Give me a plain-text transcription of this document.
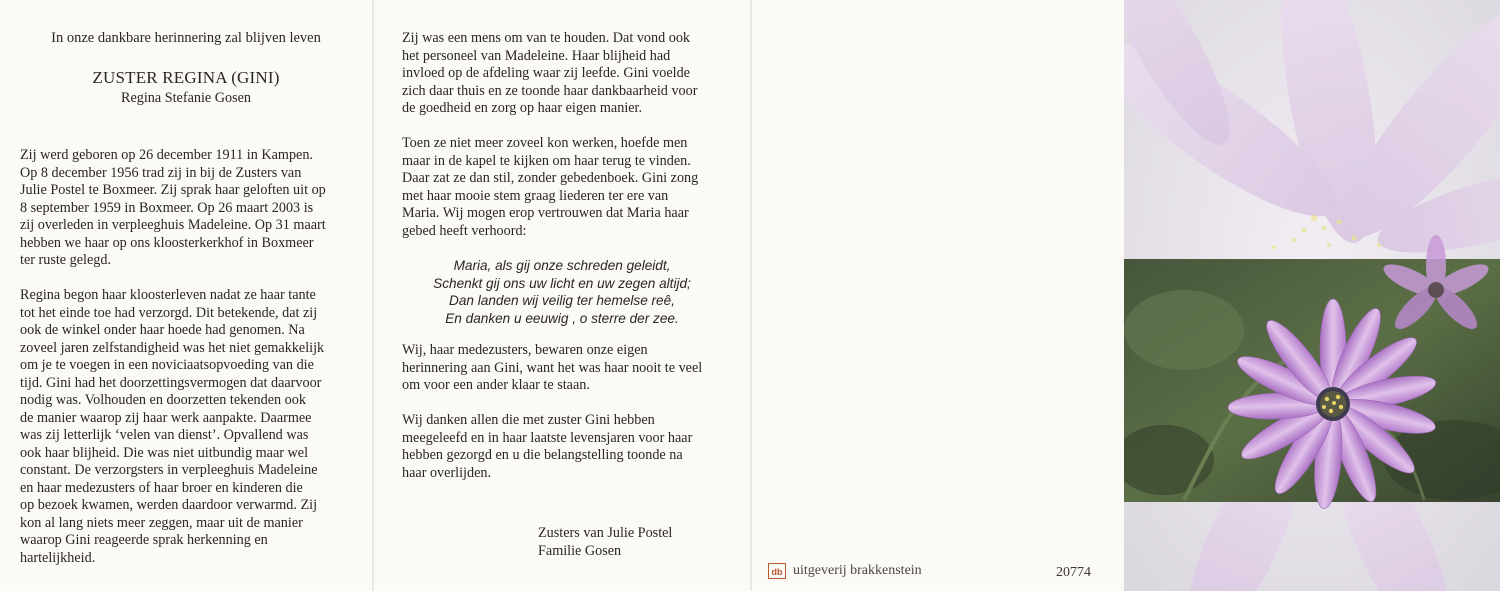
In onze dankbare herinnering zal blijven leven
ZUSTER REGINA (GINI)
Regina Stefanie Gosen
Zij werd geboren op 26 december 1911 in Kampen.
Op 8 december 1956 trad zij in bij de Zusters van
Julie Postel te Boxmeer. Zij sprak haar geloften uit op
8 september 1959 in Boxmeer. Op 26 maart 2003 is
zij overleden in verpleeghuis Madeleine. Op 31 maart
hebben we haar op ons kloosterkerkhof in Boxmeer
ter ruste gelegd.
Regina begon haar kloosterleven nadat ze haar tante
tot het einde toe had verzorgd. Dit betekende, dat zij
ook de winkel onder haar hoede had genomen. Na
zoveel jaren zelfstandigheid was het niet gemakkelijk
om je te voegen in een noviciaatsopvoeding van die
tijd. Gini had het doorzettingsvermogen dat daarvoor
nodig was. Volhouden en doorzetten tekenden ook
de manier waarop zij haar werk aanpakte. Daarmee
was zij letterlijk ‘velen van dienst’. Opvallend was
ook haar blijheid. Die was niet uitbundig maar wel
constant. De verzorgsters in verpleeghuis Madeleine
en haar medezusters of haar broer en kinderen die
op bezoek kwamen, werden daardoor verwarmd. Zij
kon al lang niets meer zeggen, maar uit de manier
waarop Gini reageerde sprak herkenning en
hartelijkheid.
Zij was een mens om van te houden. Dat vond ook
het personeel van Madeleine. Haar blijheid had
invloed op de afdeling waar zij leefde. Gini voelde
zich daar thuis en ze toonde haar dankbaarheid voor
de goedheid en zorg op haar eigen manier.
Toen ze niet meer zoveel kon werken, hoefde men
maar in de kapel te kijken om haar terug te vinden.
Daar zat ze dan stil, zonder gebedenboek. Gini zong
met haar mooie stem graag liederen ter ere van
Maria. Wij mogen erop vertrouwen dat Maria haar
gebed heeft verhoord:
Maria, als gij onze schreden geleidt,
Schenkt gij ons uw licht en uw zegen altijd;
Dan landen wij veilig ter hemelse reê,
En danken u eeuwig , o sterre der zee.
Wij, haar medezusters, bewaren onze eigen
herinnering aan Gini, want het was haar nooit te veel
om voor een ander klaar te staan.
Wij danken allen die met zuster Gini hebben
meegeleefd en in haar laatste levensjaren voor haar
hebben gezorgd en u die belangstelling toonde na
haar overlijden.
Zusters van Julie Postel
Familie Gosen
db uitgeverij brakkenstein	20774
